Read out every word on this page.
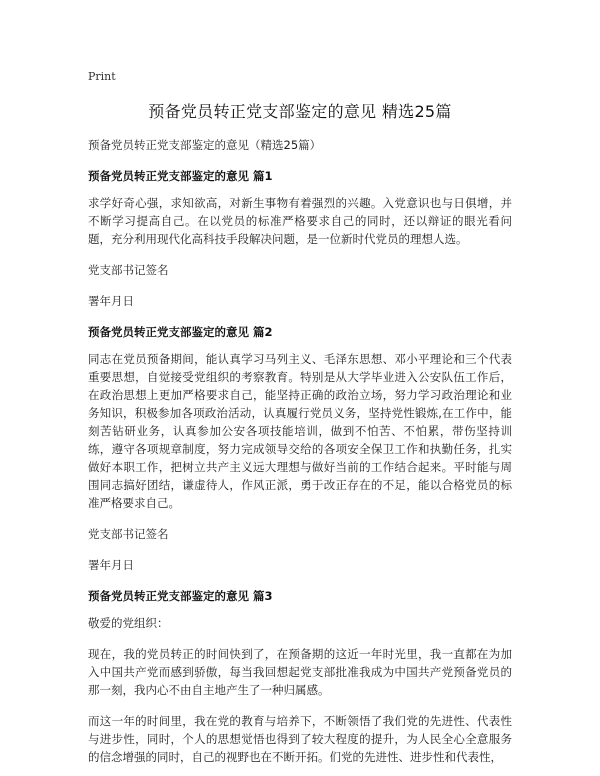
Print
预备党员转正党支部鉴定的意见 精选25篇

预备党员转正党支部鉴定的意见（精选25篇）

预备党员转正党支部鉴定的意见 篇1

求学好奇心强，求知欲高，对新生事物有着强烈的兴趣。入党意识也与日俱增，并不断学习提高自己。在以党员的标准严格要求自己的同时，还以辩证的眼光看问题，充分利用现代化高科技手段解决问题，是一位新时代党员的理想人选。

党支部书记签名

署年月日

预备党员转正党支部鉴定的意见 篇2

同志在党员预备期间，能认真学习马列主义、毛泽东思想、邓小平理论和三个代表重要思想，自觉接受党组织的考察教育。特别是从大学毕业进入公安队伍工作后，在政治思想上更加严格要求自己，能坚持正确的政治立场，努力学习政治理论和业务知识，积极参加各项政治活动，认真履行党员义务，坚持党性锻炼,在工作中，能刻苦钻研业务，认真参加公安各项技能培训，做到不怕苦、不怕累，带伤坚持训练，遵守各项规章制度，努力完成领导交给的各项安全保卫工作和执勤任务，扎实做好本职工作，把树立共产主义远大理想与做好当前的工作结合起来。平时能与周围同志搞好团结，谦虚待人，作风正派，勇于改正存在的不足，能以合格党员的标准严格要求自己。

党支部书记签名

署年月日

预备党员转正党支部鉴定的意见 篇3

敬爱的党组织：

现在，我的党员转正的时间快到了，在预备期的这近一年时光里，我一直都在为加入中国共产党而感到骄傲，每当我回想起党支部批准我成为中国共产党预备党员的那一刻，我内心不由自主地产生了一种归属感。

而这一年的时间里，我在党的教育与培养下，不断领悟了我们党的先进性、代表性与进步性，同时，个人的思想觉悟也得到了较大程度的提升，为人民全心全意服务的信念增强的同时，自己的视野也在不断开拓。们党的先进性、进步性和代表性，
